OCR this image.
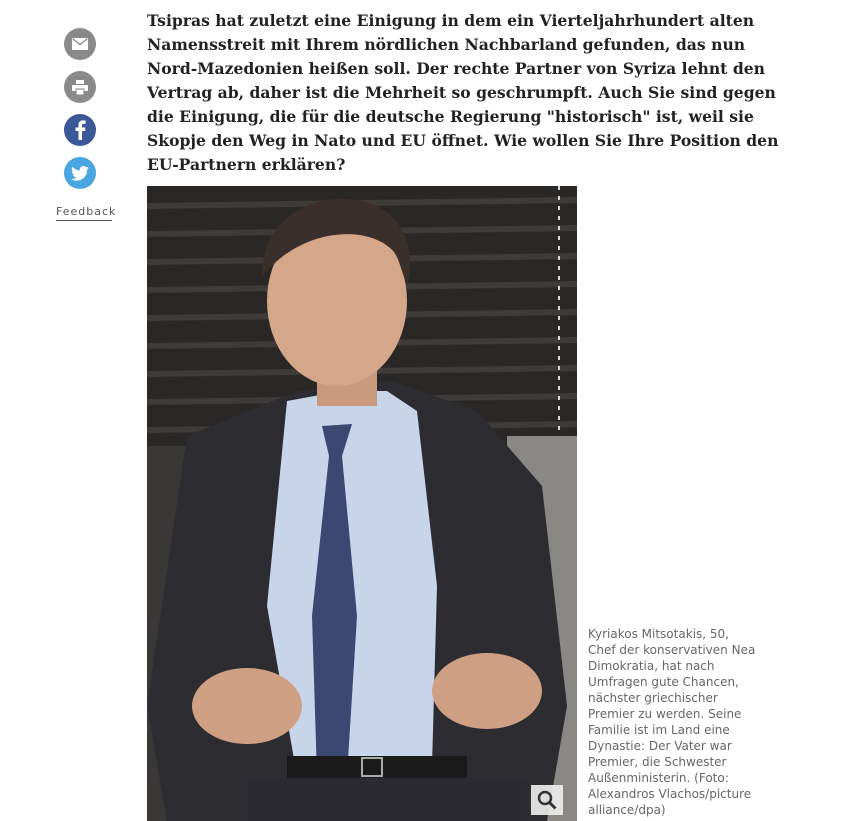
Feedback

Tsipras hat zuletzt eine Einigung in dem ein Vierteljahrhundert alten Namensstreit mit Ihrem nördlichen Nachbarland gefunden, das nun Nord-Mazedonien heißen soll. Der rechte Partner von Syriza lehnt den Vertrag ab, daher ist die Mehrheit so geschrumpft. Auch Sie sind gegen die Einigung, die für die deutsche Regierung "historisch" ist, weil sie Skopje den Weg in Nato und EU öffnet. Wie wollen Sie Ihre Position den EU-Partnern erklären?

Kyriakos Mitsotakis, 50, Chef der konservativen Nea Dimokratia, hat nach Umfragen gute Chancen, nächster griechischer Premier zu werden. Seine Familie ist im Land eine Dynastie: Der Vater war Premier, die Schwester Außenministerin. (Foto: Alexandros Vlachos/picture alliance/dpa)
